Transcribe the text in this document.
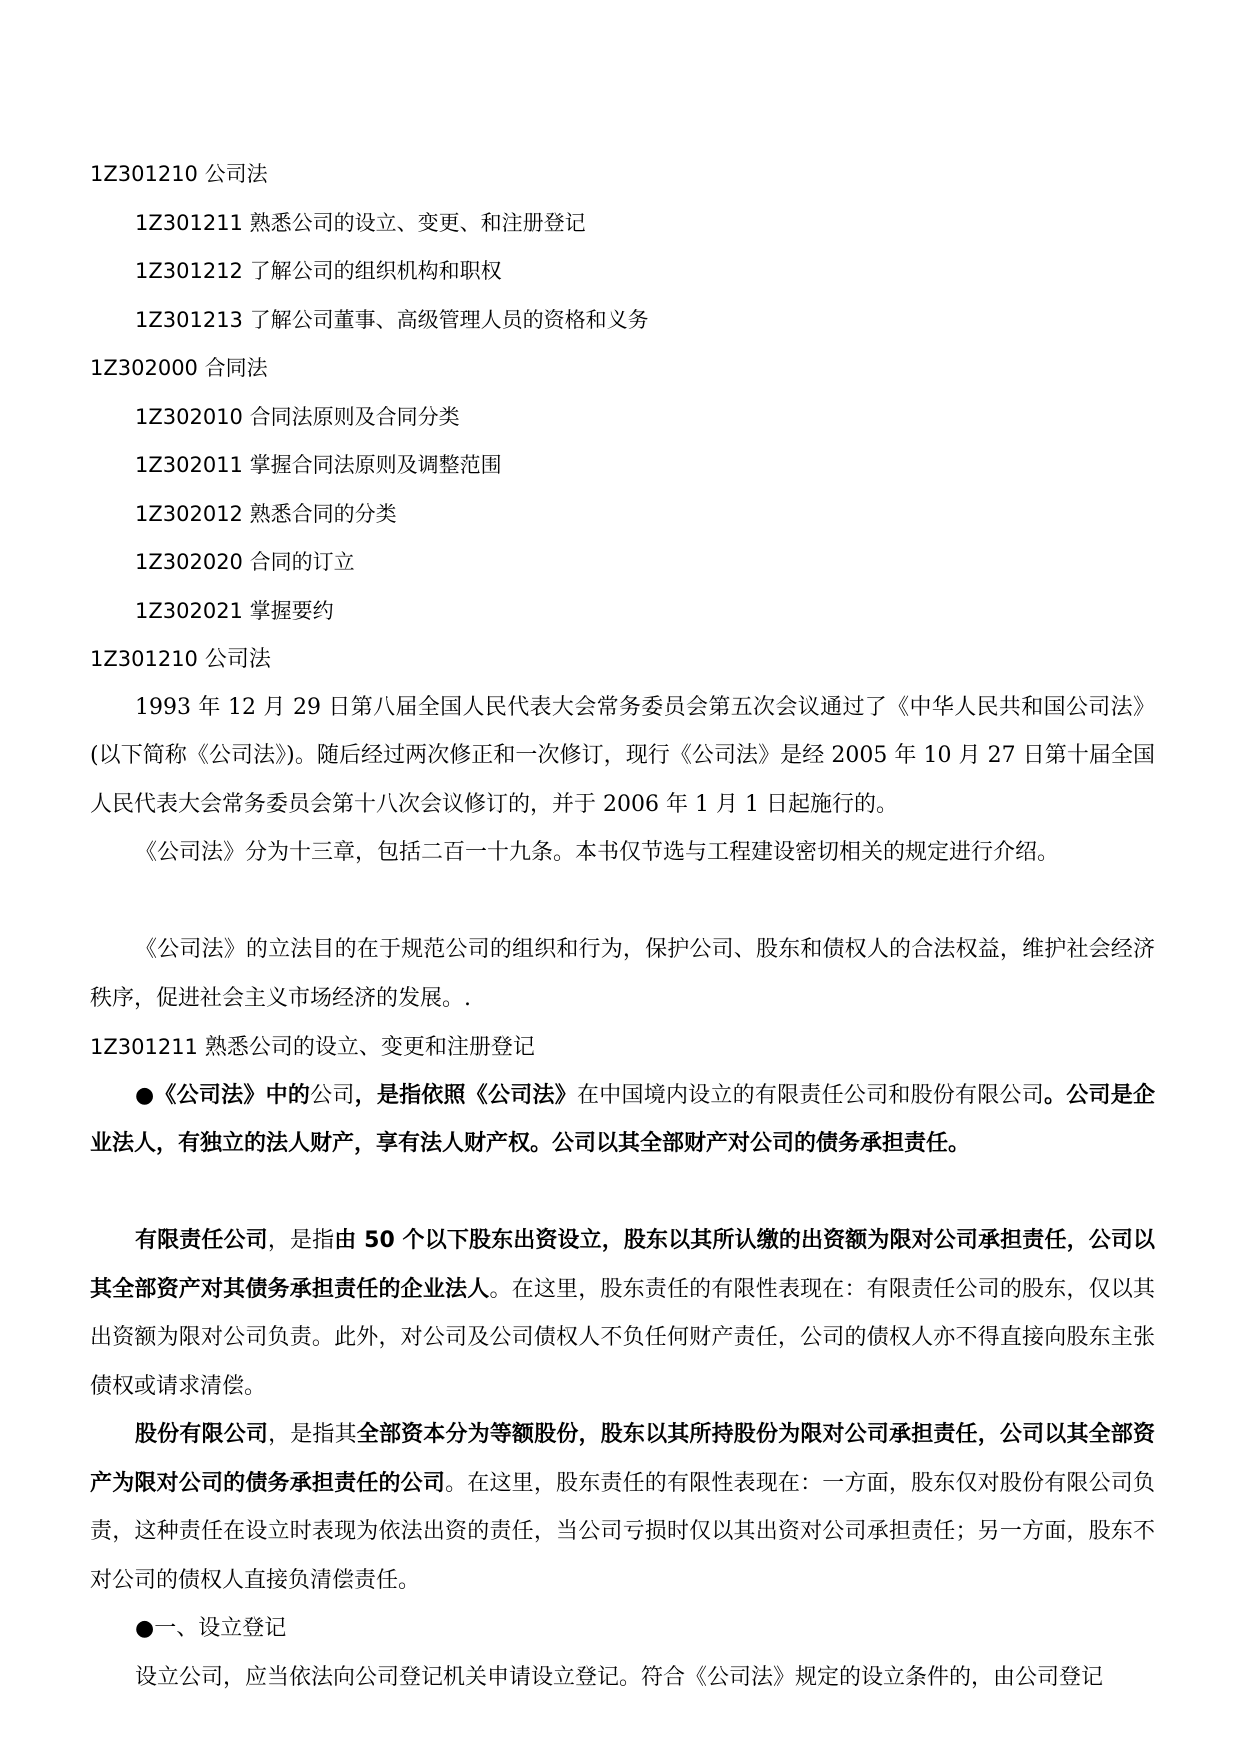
1Z301210 公司法
1Z301211 熟悉公司的设立、变更、和注册登记
1Z301212 了解公司的组织机构和职权
1Z301213 了解公司董事、高级管理人员的资格和义务
1Z302000 合同法
1Z302010 合同法原则及合同分类
1Z302011 掌握合同法原则及调整范围
1Z302012 熟悉合同的分类
1Z302020 合同的订立
1Z302021 掌握要约
1Z301210 公司法
1993 年 12 月 29 日第八届全国人民代表大会常务委员会第五次会议通过了《中华人民共和国公司法》(以下简称《公司法》)。随后经过两次修正和一次修订，现行《公司法》是经 2005 年 10 月 27 日第十届全国人民代表大会常务委员会第十八次会议修订的，并于 2006 年 1 月 1 日起施行的。
《公司法》分为十三章，包括二百一十九条。本书仅节选与工程建设密切相关的规定进行介绍。
《公司法》的立法目的在于规范公司的组织和行为，保护公司、股东和债权人的合法权益，维护社会经济秩序，促进社会主义市场经济的发展。.
1Z301211 熟悉公司的设立、变更和注册登记
●《公司法》中的公司，是指依照《公司法》在中国境内设立的有限责任公司和股份有限公司。公司是企业法人，有独立的法人财产，享有法人财产权。公司以其全部财产对公司的债务承担责任。
有限责任公司，是指由 50 个以下股东出资设立，股东以其所认缴的出资额为限对公司承担责任，公司以其全部资产对其债务承担责任的企业法人。在这里，股东责任的有限性表现在：有限责任公司的股东，仅以其出资额为限对公司负责。此外，对公司及公司债权人不负任何财产责任，公司的债权人亦不得直接向股东主张债权或请求清偿。
股份有限公司，是指其全部资本分为等额股份，股东以其所持股份为限对公司承担责任，公司以其全部资产为限对公司的债务承担责任的公司。在这里，股东责任的有限性表现在：一方面，股东仅对股份有限公司负责，这种责任在设立时表现为依法出资的责任，当公司亏损时仅以其出资对公司承担责任；另一方面，股东不对公司的债权人直接负清偿责任。
●一、设立登记
设立公司，应当依法向公司登记机关申请设立登记。符合《公司法》规定的设立条件的，由公司登记
